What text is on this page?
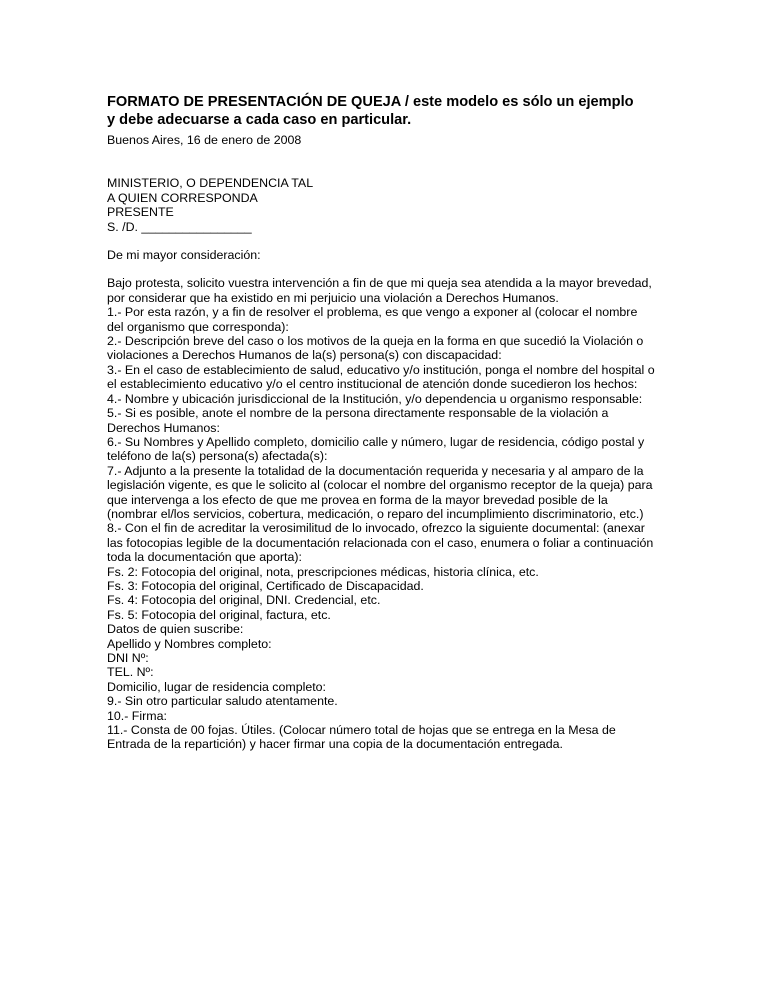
FORMATO DE PRESENTACIÓN DE QUEJA / este modelo es sólo un ejemplo
y debe adecuarse a cada caso en particular.
Buenos Aires, 16 de enero de 2008
MINISTERIO, O DEPENDENCIA TAL
A QUIEN CORRESPONDA
PRESENTE
S. /D. ________________
De mi mayor consideración:
Bajo protesta, solicito vuestra intervención a fin de que mi queja sea atendida a la mayor brevedad,
por considerar que ha existido en mi perjuicio una violación a Derechos Humanos.
1.- Por esta razón, y a fin de resolver el problema, es que vengo a exponer al (colocar el nombre
del organismo que corresponda):
2.- Descripción breve del caso o los motivos de la queja en la forma en que sucedió la Violación o
violaciones a Derechos Humanos de la(s) persona(s) con discapacidad:
3.- En el caso de establecimiento de salud, educativo y/o institución, ponga el nombre del hospital o
el establecimiento educativo y/o el centro institucional de atención donde sucedieron los hechos:
4.- Nombre y ubicación jurisdiccional de la Institución, y/o dependencia u organismo responsable:
5.- Si es posible, anote el nombre de la persona directamente responsable de la violación a
Derechos Humanos:
6.- Su Nombres y Apellido completo, domicilio calle y número, lugar de residencia, código postal y
teléfono de la(s) persona(s) afectada(s):
7.- Adjunto a la presente la totalidad de la documentación requerida y necesaria y al amparo de la
legislación vigente, es que le solicito al (colocar el nombre del organismo receptor de la queja) para
que intervenga a los efecto de que me provea en forma de la mayor brevedad posible de la
(nombrar el/los servicios, cobertura, medicación, o reparo del incumplimiento discriminatorio, etc.)
8.- Con el fin de acreditar la verosimilitud de lo invocado, ofrezco la siguiente documental: (anexar
las fotocopias legible de la documentación relacionada con el caso, enumera o foliar a continuación
toda la documentación que aporta):
Fs. 2: Fotocopia del original, nota, prescripciones médicas, historia clínica, etc.
Fs. 3: Fotocopia del original, Certificado de Discapacidad.
Fs. 4: Fotocopia del original, DNI. Credencial, etc.
Fs. 5: Fotocopia del original, factura, etc.
Datos de quien suscribe:
Apellido y Nombres completo:
DNI Nº:
TEL. Nº:
Domicilio, lugar de residencia completo:
9.- Sin otro particular saludo atentamente.
10.- Firma:
11.- Consta de 00 fojas. Útiles. (Colocar número total de hojas que se entrega en la Mesa de
Entrada de la repartición) y hacer firmar una copia de la documentación entregada.
